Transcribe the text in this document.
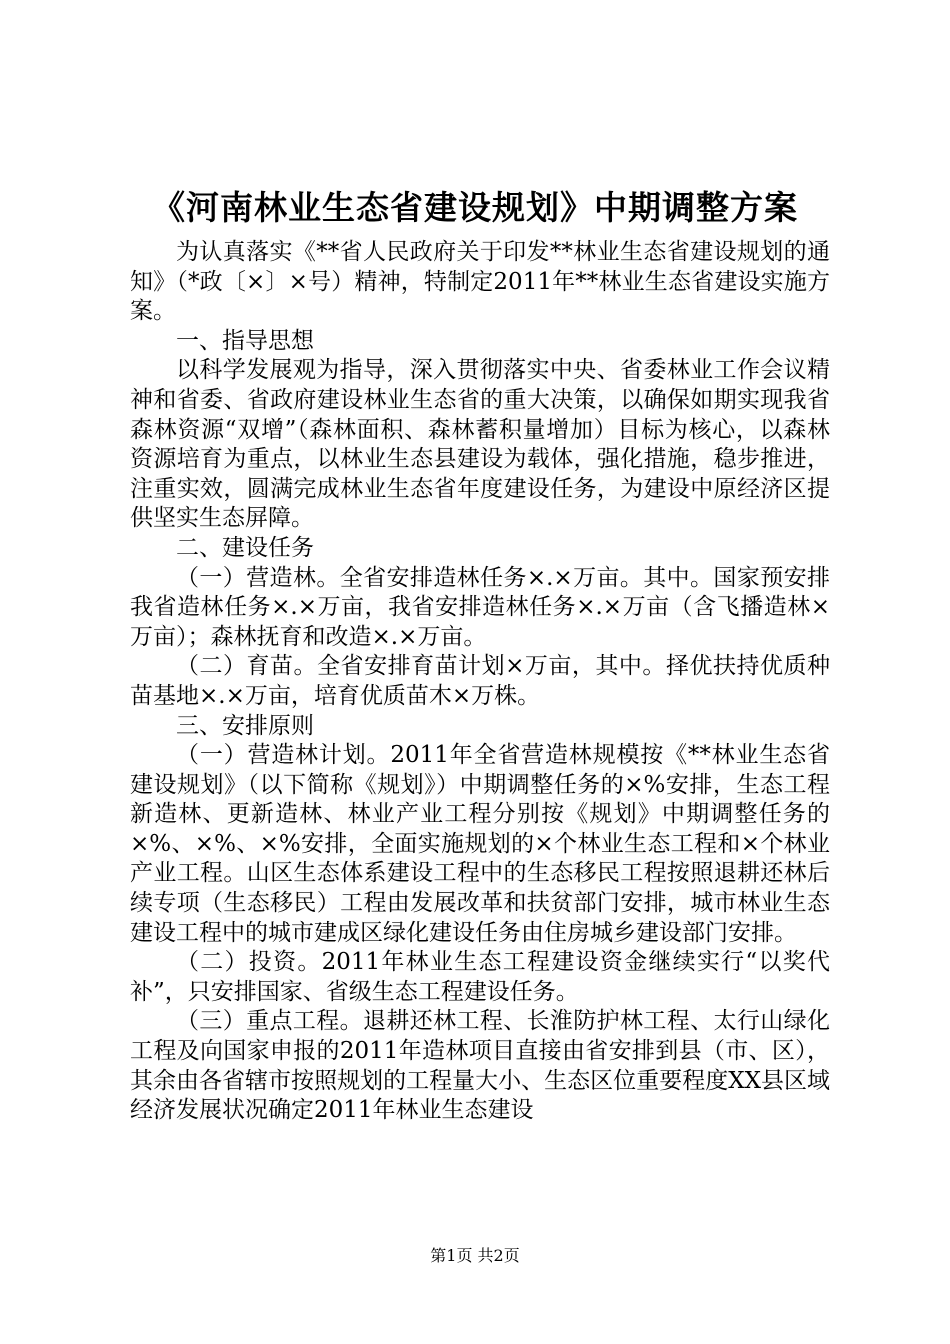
《河南林业生态省建设规划》中期调整方案

为认真落实《**省人民政府关于印发**林业生态省建设规划的通知》（*政〔×〕×号）精神，特制定2011年**林业生态省建设实施方案。

一、指导思想

以科学发展观为指导，深入贯彻落实中央、省委林业工作会议精神和省委、省政府建设林业生态省的重大决策，以确保如期实现我省森林资源“双增”（森林面积、森林蓄积量增加）目标为核心，以森林资源培育为重点，以林业生态县建设为载体，强化措施，稳步推进，注重实效，圆满完成林业生态省年度建设任务，为建设中原经济区提供坚实生态屏障。

二、建设任务

（一）营造林。全省安排造林任务×.×万亩。其中。国家预安排我省造林任务×.×万亩，我省安排造林任务×.×万亩（含飞播造林×万亩）；森林抚育和改造×.×万亩。

（二）育苗。全省安排育苗计划×万亩，其中。择优扶持优质种苗基地×.×万亩，培育优质苗木×万株。

三、安排原则

（一）营造林计划。2011年全省营造林规模按《**林业生态省建设规划》（以下简称《规划》）中期调整任务的×%安排，生态工程新造林、更新造林、林业产业工程分别按《规划》中期调整任务的×%、×%、×%安排，全面实施规划的×个林业生态工程和×个林业产业工程。山区生态体系建设工程中的生态移民工程按照退耕还林后续专项（生态移民）工程由发展改革和扶贫部门安排，城市林业生态建设工程中的城市建成区绿化建设任务由住房城乡建设部门安排。

（二）投资。2011年林业生态工程建设资金继续实行“以奖代补”，只安排国家、省级生态工程建设任务。

（三）重点工程。退耕还林工程、长淮防护林工程、太行山绿化工程及向国家申报的2011年造林项目直接由省安排到县（市、区），其余由各省辖市按照规划的工程量大小、生态区位重要程度XX县区域经济发展状况确定2011年林业生态建设

第1页 共2页
